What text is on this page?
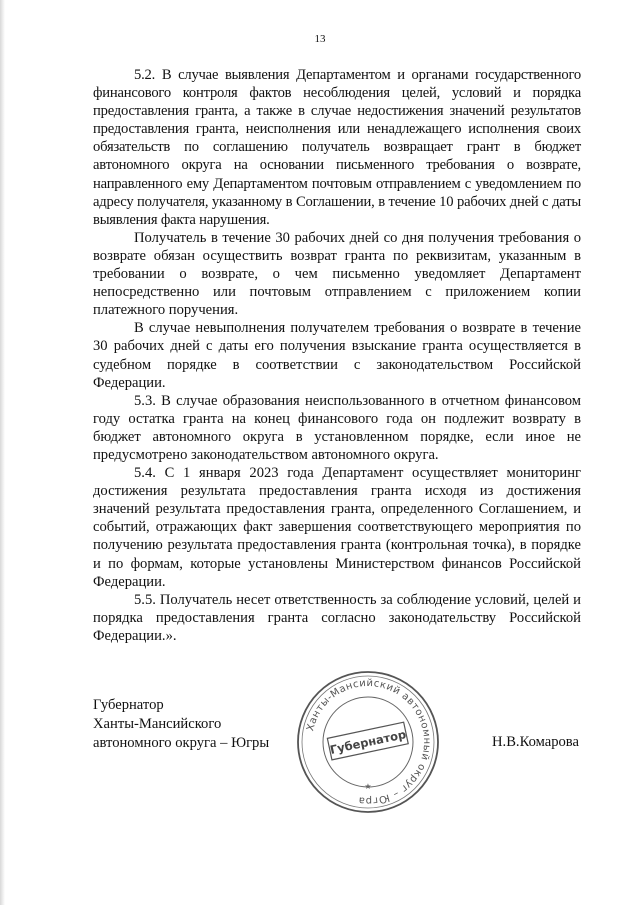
13

5.2. В случае выявления Департаментом и органами государственного финансового контроля фактов несоблюдения целей, условий и порядка предоставления гранта, а также в случае недостижения значений результатов предоставления гранта, неисполнения или ненадлежащего исполнения своих обязательств по соглашению получатель возвращает грант в бюджет автономного округа на основании письменного требования о возврате, направленного ему Департаментом почтовым отправлением с уведомлением по адресу получателя, указанному в Соглашении, в течение 10 рабочих дней с даты выявления факта нарушения.

Получатель в течение 30 рабочих дней со дня получения требования о возврате обязан осуществить возврат гранта по реквизитам, указанным в требовании о возврате, о чем письменно уведомляет Департамент непосредственно или почтовым отправлением с приложением копии платежного поручения.

В случае невыполнения получателем требования о возврате в течение 30 рабочих дней с даты его получения взыскание гранта осуществляется в судебном порядке в соответствии с законодательством Российской Федерации.

5.3. В случае образования неиспользованного в отчетном финансовом году остатка гранта на конец финансового года он подлежит возврату в бюджет автономного округа в установленном порядке, если иное не предусмотрено законодательством автономного округа.

5.4. С 1 января 2023 года Департамент осуществляет мониторинг достижения результата предоставления гранта исходя из достижения значений результата предоставления гранта, определенного Соглашением, и событий, отражающих факт завершения соответствующего мероприятия по получению результата предоставления гранта (контрольная точка), в порядке и по формам, которые установлены Министерством финансов Российской Федерации.

5.5. Получатель несет ответственность за соблюдение условий, целей и порядка предоставления гранта согласно законодательству Российской Федерации.».

Губернатор
Ханты-Мансийского
автономного округа – Югры
Ханты-Мансийский автономный округ – Югра
Губернатор
★
Н.В.Комарова
